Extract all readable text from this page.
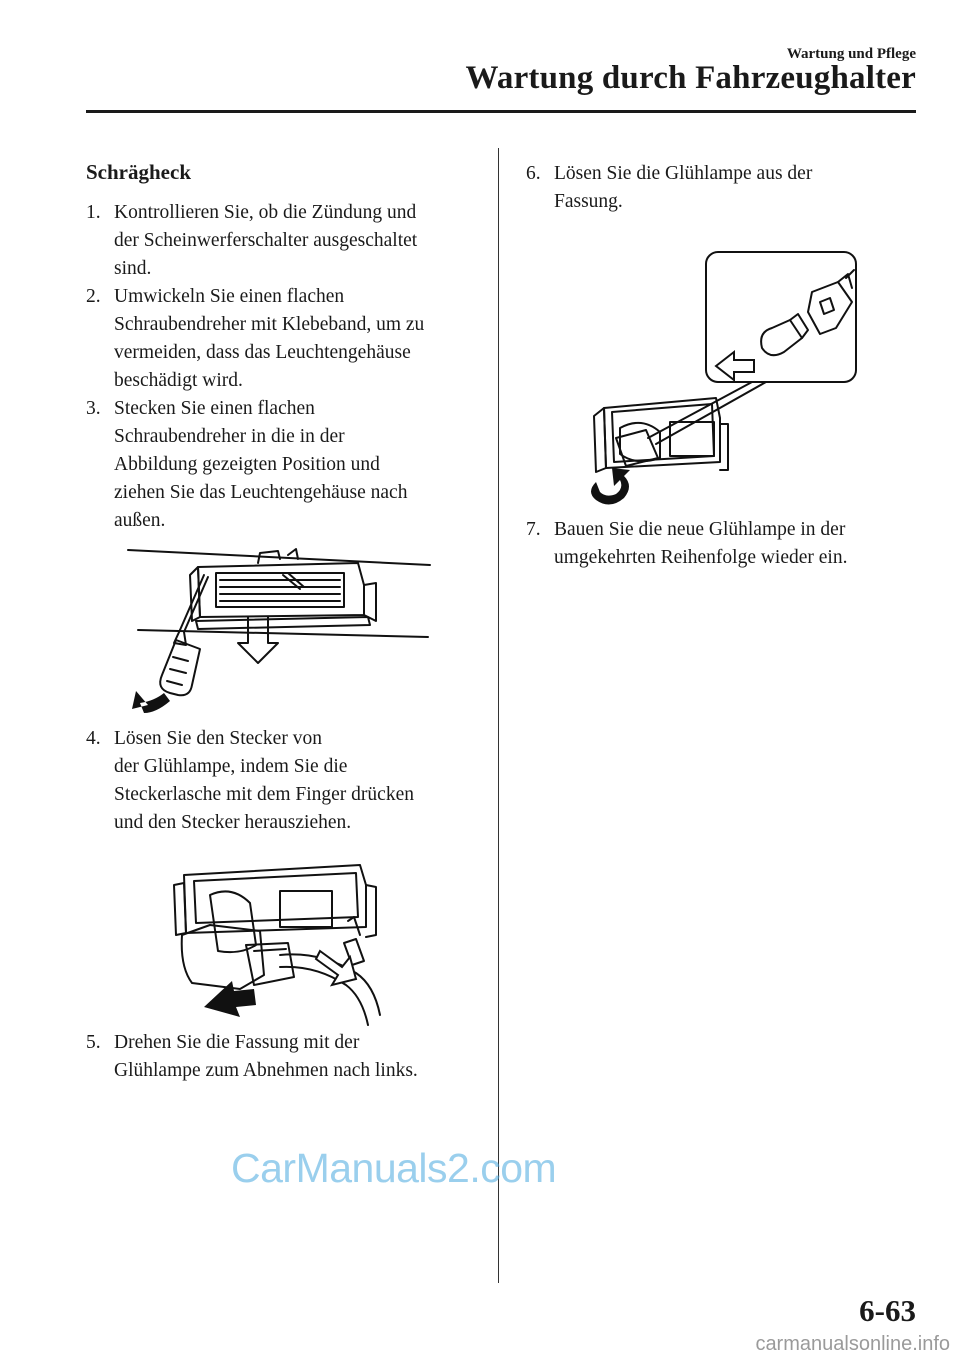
Wartung und Pflege
Wartung durch Fahrzeughalter
Schrägheck
1. Kontrollieren Sie, ob die Zündung und
der Scheinwerferschalter ausgeschaltet
sind.
2. Umwickeln Sie einen flachen
Schraubendreher mit Klebeband, um zu
vermeiden, dass das Leuchtengehäuse
beschädigt wird.
3. Stecken Sie einen flachen
Schraubendreher in die in der
Abbildung gezeigten Position und
ziehen Sie das Leuchtengehäuse nach
außen.
4. Lösen Sie den Stecker von
der Glühlampe, indem Sie die
Steckerlasche mit dem Finger drücken
und den Stecker herausziehen.
5. Drehen Sie die Fassung mit der
Glühlampe zum Abnehmen nach links.
6. Lösen Sie die Glühlampe aus der
Fassung.
7. Bauen Sie die neue Glühlampe in der
umgekehrten Reihenfolge wieder ein.
CarManuals2.com
6-63
carmanualsonline.info
